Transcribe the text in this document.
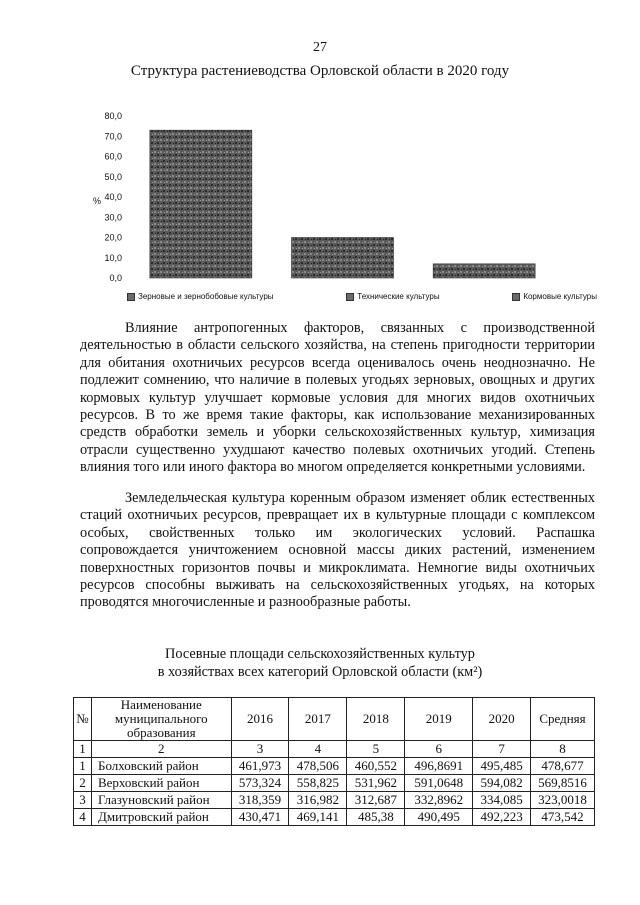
27
Структура растениеводства Орловской области в 2020 году
0,0
10,0
20,0
30,0
40,0
50,0
60,0
70,0
80,0
%
Зерновые и зернобобовые культуры	Технические культуры	Кормовые культуры

Влияние антропогенных факторов, связанных с производственной деятельностью в области сельского хозяйства, на степень пригодности территории для обитания охотничьих ресурсов всегда оценивалось очень неоднозначно. Не подлежит сомнению, что наличие в полевых угодьях зерновых, овощных и других кормовых культур улучшает кормовые условия для многих видов охотничьих ресурсов. В то же время такие факторы, как использование механизированных средств обработки земель и уборки сельскохозяйственных культур, химизация отрасли существенно ухудшают качество полевых охотничьих угодий. Степень влияния того или иного фактора во многом определяется конкретными условиями.

Земледельческая культура коренным образом изменяет облик естественных стаций охотничьих ресурсов, превращает их в культурные площади с комплексом особых, свойственных только им экологических условий. Распашка сопровождается уничтожением основной массы диких растений, изменением поверхностных горизонтов почвы и микроклимата. Немногие виды охотничьих ресурсов способны выживать на сельскохозяйственных угодьях, на которых проводятся многочисленные и разнообразные работы.

Посевные площади сельскохозяйственных культур
в хозяйствах всех категорий Орловской области (км²)
№	Наименование муниципального образования	2016	2017	2018	2019	2020	Средняя
1	2	3	4	5	6	7	8
1	Болховский район	461,973	478,506	460,552	496,8691	495,485	478,677
2	Верховский район	573,324	558,825	531,962	591,0648	594,082	569,8516
3	Глазуновский район	318,359	316,982	312,687	332,8962	334,085	323,0018
4	Дмитровский район	430,471	469,141	485,38	490,495	492,223	473,542
